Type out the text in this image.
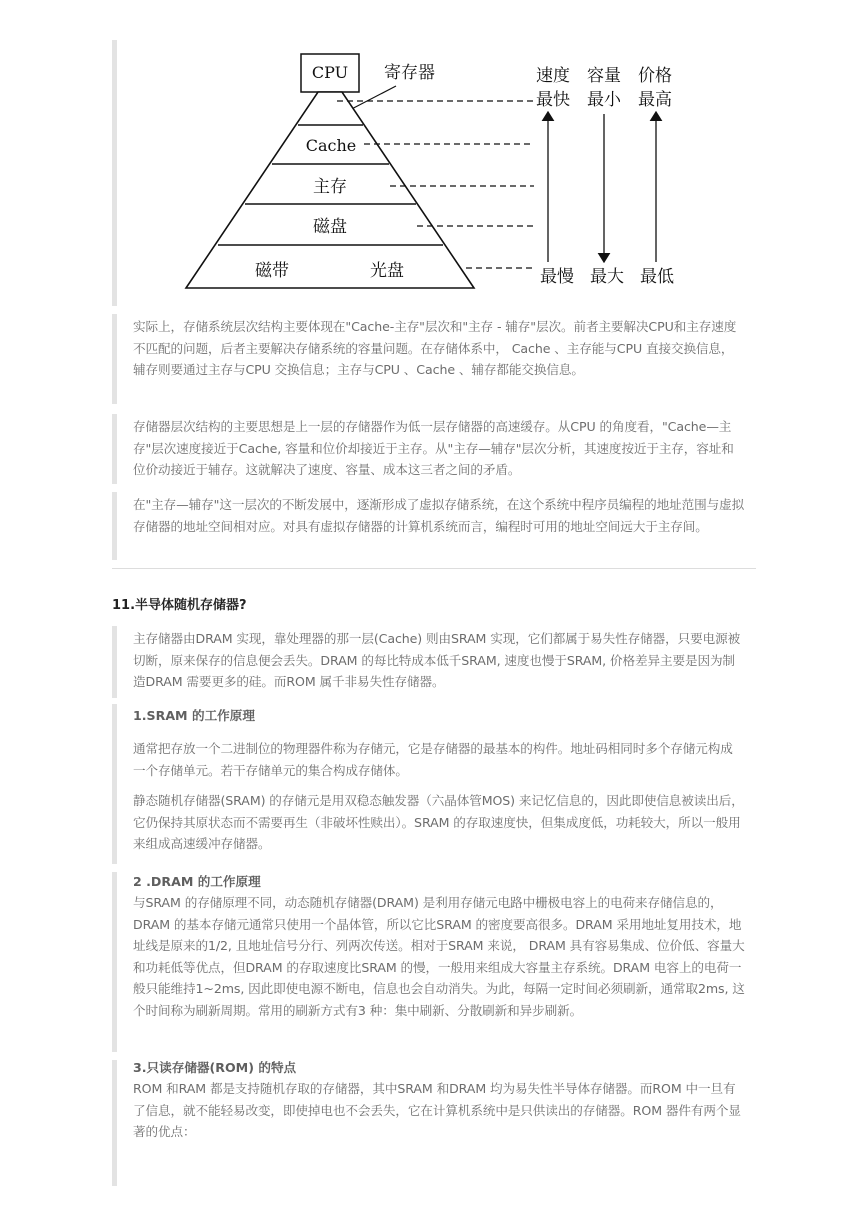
CPU 寄存器
Cache
主存
磁盘
磁带	光盘
速度 容量 价格
最快 最小 最高
最慢 最大 最低
实际上，存储系统层次结构主要体现在"Cache-主存"层次和"主存 - 辅存"层次。前者主要解决CPU和主存速度不匹配的问题，后者主要解决存储系统的容量问题。在存储体系中， Cache 、主存能与CPU 直接交换信息，辅存则要通过主存与CPU 交换信息；主存与CPU 、Cache 、辅存都能交换信息。
存储器层次结构的主要思想是上一层的存储器作为低一层存储器的高速缓存。从CPU 的角度看，"Cache—主存"层次速度接近于Cache, 容量和位价却接近于主存。从"主存—辅存"层次分析，其速度按近于主存，容址和位价动接近于辅存。这就解决了速度、容量、成本这三者之间的矛盾。
在"主存—辅存"这一层次的不断发展中，逐渐形成了虚拟存储系统，在这个系统中程序员编程的地址范围与虚拟存储器的地址空间相对应。对具有虚拟存储器的计算机系统而言，编程时可用的地址空间远大于主存间。
11.半导体随机存储器?
主存储器由DRAM 实现，靠处理器的那一层(Cache) 则由SRAM 实现，它们都属于易失性存储器，只要电源被切断，原来保存的信息便会丢失。DRAM 的每比特成本低千SRAM, 速度也慢于SRAM, 价格差异主要是因为制造DRAM 需要更多的硅。而ROM 属千非易失性存储器。
1.SRAM 的工作原理
通常把存放一个二进制位的物理器件称为存储元，它是存储器的最基本的构件。地址码相同时多个存储元构成一个存储单元。若干存储单元的集合构成存储体。
静态随机存储器(SRAM) 的存储元是用双稳态触发器（六晶体管MOS) 来记忆信息的，因此即使信息被读出后，它仍保持其原状态而不需要再生（非破坏性赎出）。SRAM 的存取速度快，但集成度低，功耗较大，所以一般用来组成高速缓冲存储器。
2 .DRAM 的工作原理
与SRAM 的存储原理不同，动态随机存储器(DRAM) 是利用存储元电路中栅极电容上的电荷来存储信息的， DRAM 的基本存储元通常只使用一个晶体管，所以它比SRAM 的密度要高很多。DRAM 采用地址复用技术，地址线是原来的1/2, 且地址信号分行、列两次传送。相对于SRAM 来说， DRAM 具有容易集成、位价低、容量大和功耗低等优点，但DRAM 的存取速度比SRAM 的慢，一般用来组成大容量主存系统。DRAM 电容上的电荷一般只能维持1~2ms, 因此即使电源不断电，信息也会自动消失。为此，每隔一定时间必须刷新，通常取2ms, 这个时间称为刷新周期。常用的刷新方式有3 种：集中刷新、分散刷新和异步刷新。
3.只读存储器(ROM) 的特点
ROM 和RAM 都是支持随机存取的存储器，其中SRAM 和DRAM 均为易失性半导体存储器。而ROM 中一旦有了信息，就不能轻易改变，即使掉电也不会丢失，它在计算机系统中是只供读出的存储器。ROM 器件有两个显著的优点：
